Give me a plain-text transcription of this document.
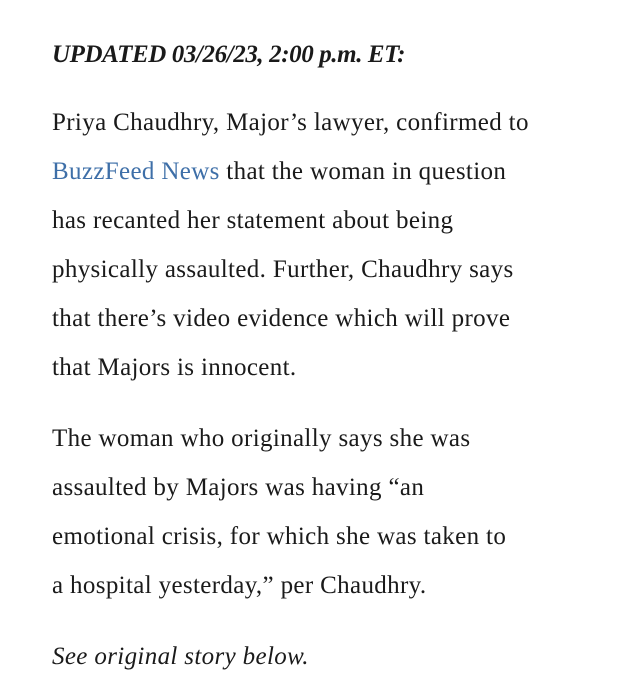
UPDATED 03/26/23, 2:00 p.m. ET:

Priya Chaudhry, Major’s lawyer, confirmed to
BuzzFeed News that the woman in question
has recanted her statement about being
physically assaulted. Further, Chaudhry says
that there’s video evidence which will prove
that Majors is innocent.

The woman who originally says she was
assaulted by Majors was having “an
emotional crisis, for which she was taken to
a hospital yesterday,” per Chaudhry.

See original story below.
